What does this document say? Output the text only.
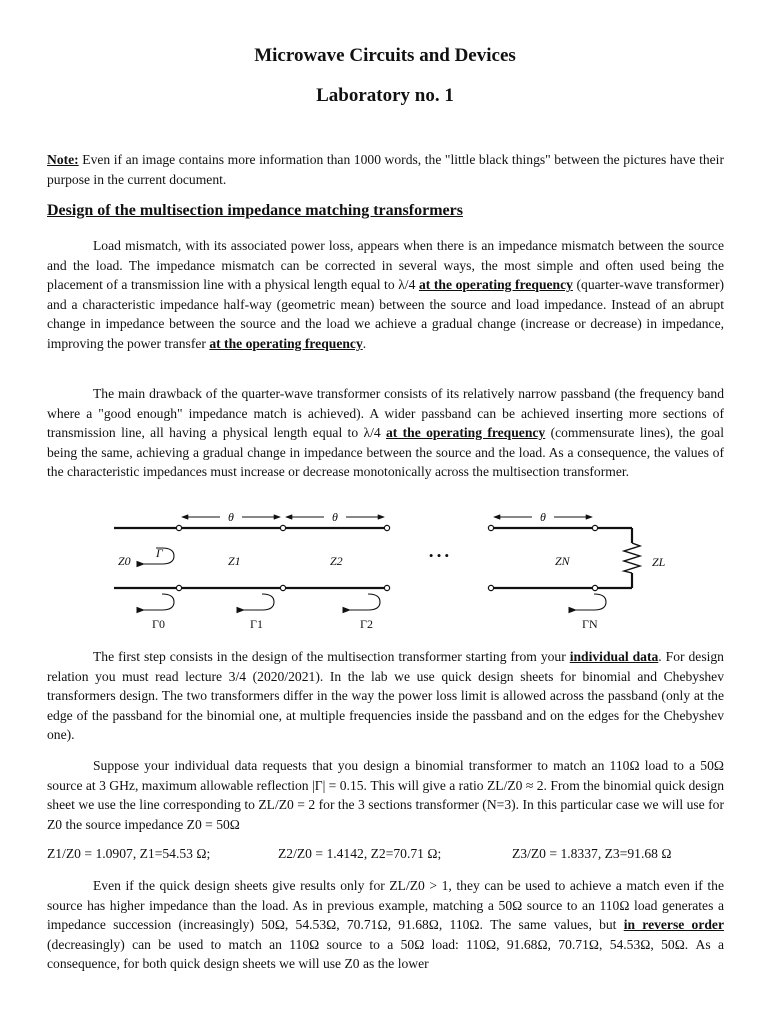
Microwave Circuits and Devices
Laboratory no. 1
Note: Even if an image contains more information than 1000 words, the "little black things" between the pictures have their purpose in the current document.
Design of the multisection impedance matching transformers
Load mismatch, with its associated power loss, appears when there is an impedance mismatch between the source and the load. The impedance mismatch can be corrected in several ways, the most simple and often used being the placement of a transmission line with a physical length equal to λ/4 at the operating frequency (quarter-wave transformer) and a characteristic impedance half-way (geometric mean) between the source and load impedance. Instead of an abrupt change in impedance between the source and the load we achieve a gradual change (increase or decrease) in impedance, improving the power transfer at the operating frequency.
The main drawback of the quarter-wave transformer consists of its relatively narrow passband (the frequency band where a "good enough" impedance match is achieved). A wider passband can be achieved inserting more sections of transmission line, all having a physical length equal to λ/4 at the operating frequency (commensurate lines), the goal being the same, achieving a gradual change in impedance between the source and the load. As a consequence, the values of the characteristic impedances must increase or decrease monotonically across the multisection transformer.
θ	θ	θ
Γ
Z0	Z1	Z2	ZN	ZL
• • •
Γ0	Γ1	Γ2	ΓN
The first step consists in the design of the multisection transformer starting from your individual data. For design relation you must read lecture 3/4 (2020/2021). In the lab we use quick design sheets for binomial and Chebyshev transformers design. The two transformers differ in the way the power loss limit is allowed across the passband (only at the edge of the passband for the binomial one, at multiple frequencies inside the passband and on the edges for the Chebyshev one).
Suppose your individual data requests that you design a binomial transformer to match an 110Ω load to a 50Ω source at 3 GHz, maximum allowable reflection |Γ| = 0.15. This will give a ratio ZL/Z0 ≈ 2. From the binomial quick design sheet we use the line corresponding to ZL/Z0 = 2 for the 3 sections transformer (N=3). In this particular case we will use for Z0 the source impedance Z0 = 50Ω
Z1/Z0 = 1.0907, Z1=54.53 Ω;	Z2/Z0 = 1.4142, Z2=70.71 Ω;	Z3/Z0 = 1.8337, Z3=91.68 Ω
Even if the quick design sheets give results only for ZL/Z0 > 1, they can be used to achieve a match even if the source has higher impedance than the load. As in previous example, matching a 50Ω source to an 110Ω load generates a impedance succession (increasingly) 50Ω, 54.53Ω, 70.71Ω, 91.68Ω, 110Ω. The same values, but in reverse order (decreasingly) can be used to match an 110Ω source to a 50Ω load: 110Ω, 91.68Ω, 70.71Ω, 54.53Ω, 50Ω. As a consequence, for both quick design sheets we will use Z0 as the lower
